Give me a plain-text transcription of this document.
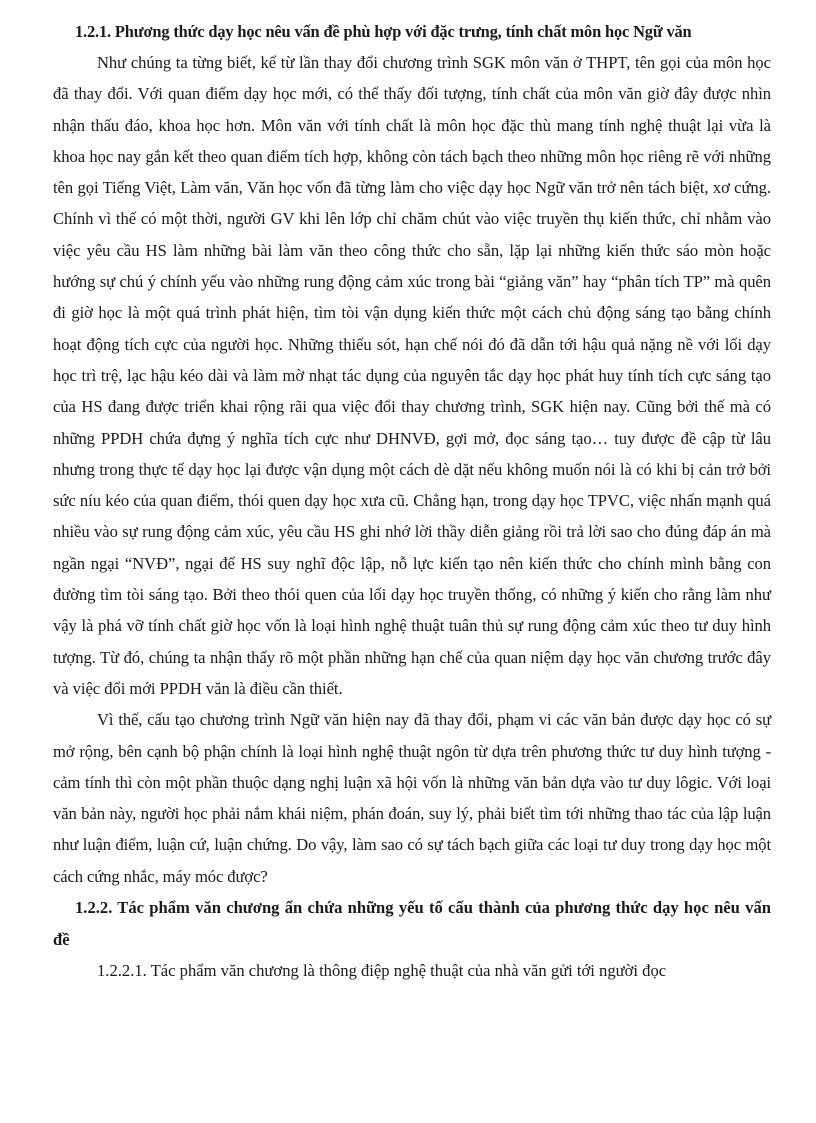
1.2.1. Phương thức dạy học nêu vấn đề phù hợp với đặc trưng, tính chất môn học Ngữ văn

Như chúng ta từng biết, kể từ lần thay đổi chương trình SGK môn văn ở THPT, tên gọi của môn học đã thay đổi. Với quan điểm dạy học mới, có thể thấy đối tượng, tính chất của môn văn giờ đây được nhìn nhận thấu đáo, khoa học hơn. Môn văn với tính chất là môn học đặc thù mang tính nghệ thuật lại vừa là khoa học nay gắn kết theo quan điểm tích hợp, không còn tách bạch theo những môn học riêng rẽ với những tên gọi Tiếng Việt, Làm văn, Văn học vốn đã từng làm cho việc dạy học Ngữ văn trở nên tách biệt, xơ cứng. Chính vì thế có một thời, người GV khi lên lớp chỉ chăm chút vào việc truyền thụ kiến thức, chỉ nhằm vào việc yêu cầu HS làm những bài làm văn theo công thức cho sẵn, lặp lại những kiến thức sáo mòn hoặc hướng sự chú ý chính yếu vào những rung động cảm xúc trong bài “giảng văn” hay “phân tích TP” mà quên đi giờ học là một quá trình phát hiện, tìm tòi vận dụng kiến thức một cách chủ động sáng tạo bằng chính hoạt động tích cực của người học. Những thiếu sót, hạn chế nói đó đã dẫn tới hậu quả nặng nề với lối dạy học trì trệ, lạc hậu kéo dài và làm mờ nhạt tác dụng của nguyên tắc dạy học phát huy tính tích cực sáng tạo của HS đang được triển khai rộng rãi qua việc đổi thay chương trình, SGK hiện nay. Cũng bởi thế mà có những PPDH chứa đựng ý nghĩa tích cực như DHNVĐ, gợi mở, đọc sáng tạo… tuy được đề cập từ lâu nhưng trong thực tế dạy học lại được vận dụng một cách dè dặt nếu không muốn nói là có khi bị cản trở bởi sức níu kéo của quan điểm, thói quen dạy học xưa cũ. Chẳng hạn, trong dạy học TPVC, việc nhấn mạnh quá nhiều vào sự rung động cảm xúc, yêu cầu HS ghi nhớ lời thầy diễn giảng rồi trả lời sao cho đúng đáp án mà ngần ngại “NVĐ”, ngại để HS suy nghĩ độc lập, nỗ lực kiến tạo nên kiến thức cho chính mình bằng con đường tìm tòi sáng tạo. Bởi theo thói quen của lối dạy học truyền thống, có những ý kiến cho rằng làm như vậy là phá vỡ tính chất giờ học vốn là loại hình nghệ thuật tuân thủ sự rung động cảm xúc theo tư duy hình tượng. Từ đó, chúng ta nhận thấy rõ một phần những hạn chế của quan niệm dạy học văn chương trước đây và việc đổi mới PPDH văn là điều cần thiết.

Vì thế, cấu tạo chương trình Ngữ văn hiện nay đã thay đổi, phạm vi các văn bản được dạy học có sự mở rộng, bên cạnh bộ phận chính là loại hình nghệ thuật ngôn từ dựa trên phương thức tư duy hình tượng - cảm tính thì còn một phần thuộc dạng nghị luận xã hội vốn là những văn bản dựa vào tư duy lôgic. Với loại văn bản này, người học phải nắm khái niệm, phán đoán, suy lý, phải biết tìm tới những thao tác của lập luận như luận điểm, luận cứ, luận chứng. Do vậy, làm sao có sự tách bạch giữa các loại tư duy trong dạy học một cách cứng nhắc, máy móc được?

1.2.2. Tác phẩm văn chương ẩn chứa những yếu tố cấu thành của phương thức dạy học nêu vấn đề

1.2.2.1. Tác phẩm văn chương là thông điệp nghệ thuật của nhà văn gửi tới người đọc
